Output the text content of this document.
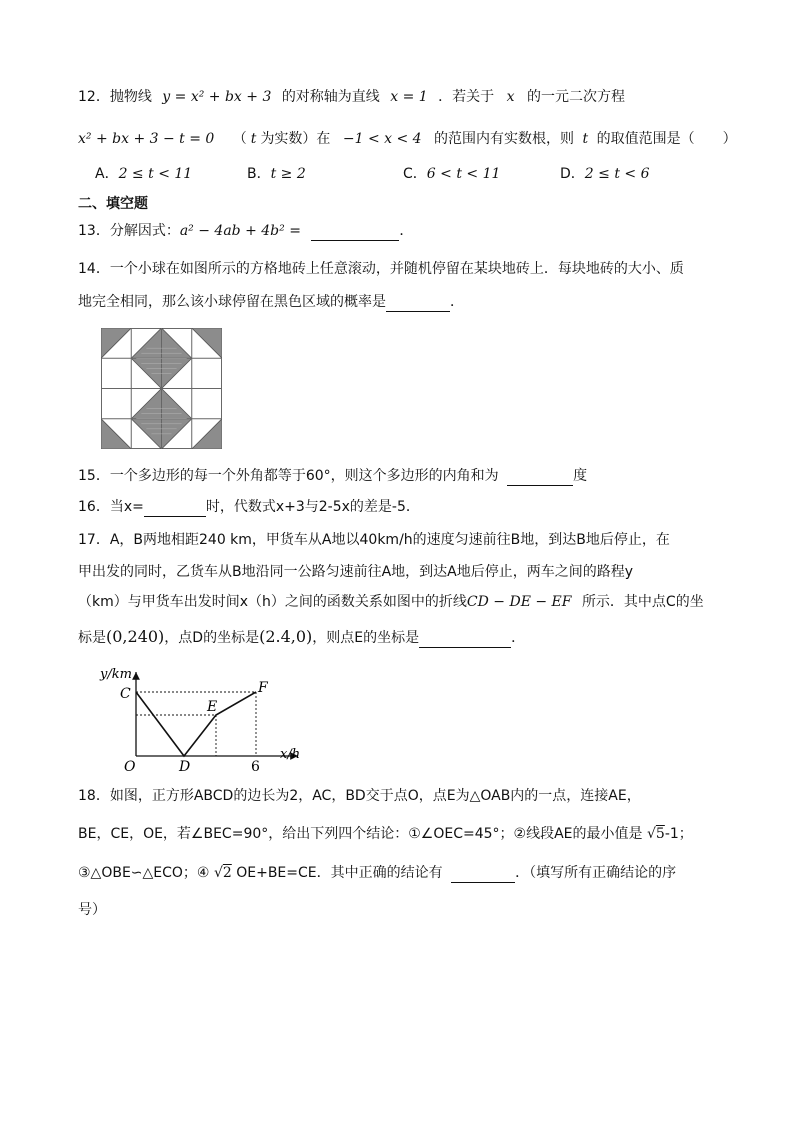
12．抛物线 y = x² + bx + 3 的对称轴为直线 x = 1 ．若关于 x 的一元二次方程
x² + bx + 3 − t = 0 （ t 为实数）在 −1 < x < 4 的范围内有实数根，则 t 的取值范围是（　　）
A．2 ≤ t < 11	B．t ≥ 2	C．6 < t < 11	D．2 ≤ t < 6
二、填空题
13．分解因式：a² − 4ab + 4b² =	．
14．一个小球在如图所示的方格地砖上任意滚动，并随机停留在某块地砖上．每块地砖的大小、质
地完全相同，那么该小球停留在黑色区域的概率是	．
15．一个多边形的每一个外角都等于60°，则这个多边形的内角和为	度
16．当x=	时，代数式x+3与2-5x的差是-5．
17．A，B两地相距240 km，甲货车从A地以40km/h的速度匀速前往B地，到达B地后停止，在
甲出发的同时，乙货车从B地沿同一公路匀速前往A地，到达A地后停止，两车之间的路程y
（km）与甲货车出发时间x（h）之间的函数关系如图中的折线CD − DE − EF 所示．其中点C的坐
标是(0,240)，点D的坐标是(2.4,0)，则点E的坐标是	．
y/km
C
E
F
O	D	6
x/h
18．如图，正方形ABCD的边长为2，AC，BD交于点O，点E为△OAB内的一点，连接AE，
BE，CE，OE，若∠BEC=90°，给出下列四个结论：①∠OEC=45°；②线段AE的最小值是 √5-1；
③△OBE∽△ECO；④ √2 OE+BE=CE．其中正确的结论有	．（填写所有正确结论的序
号）
